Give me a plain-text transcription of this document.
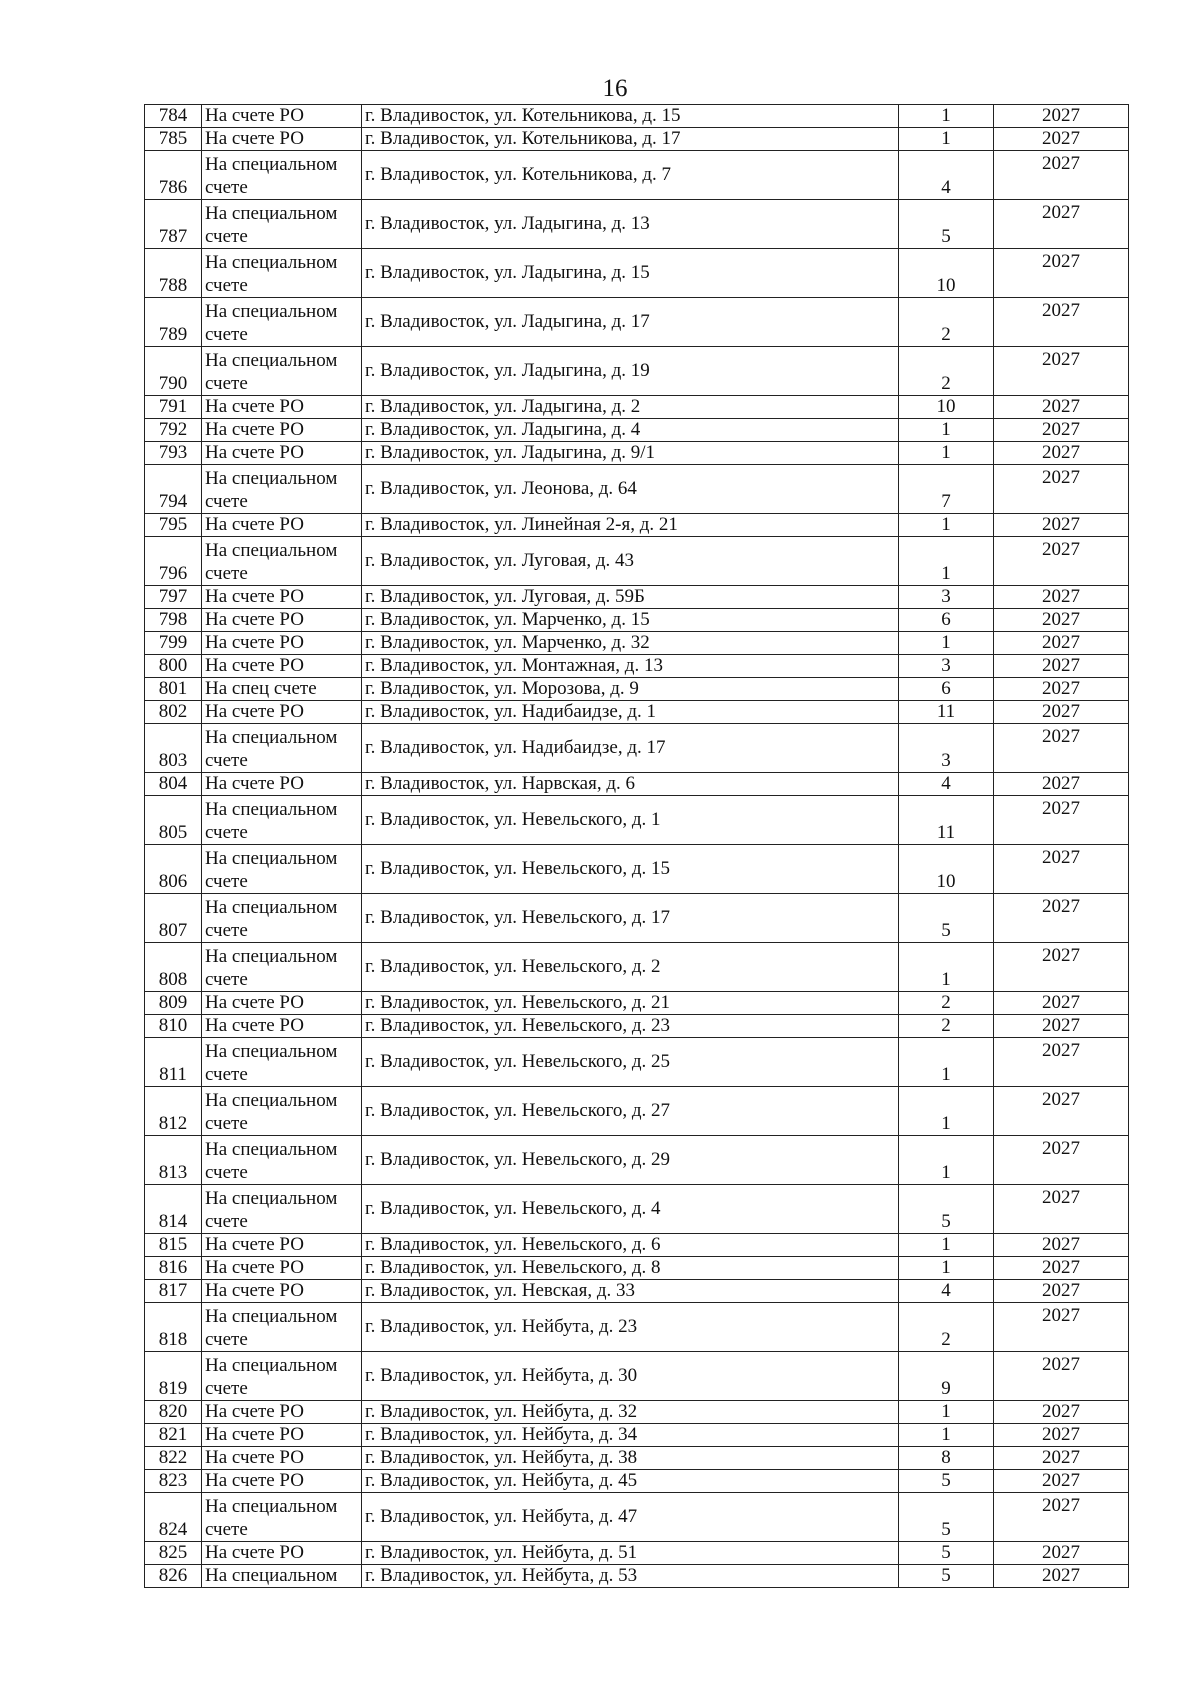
16
784	На счете РО	г. Владивосток, ул. Котельникова, д. 15	1	2027
785	На счете РО	г. Владивосток, ул. Котельникова, д. 17	1	2027
786	На специальном счете	г. Владивосток, ул. Котельникова, д. 7	4	2027
787	На специальном счете	г. Владивосток, ул. Ладыгина, д. 13	5	2027
788	На специальном счете	г. Владивосток, ул. Ладыгина, д. 15	10	2027
789	На специальном счете	г. Владивосток, ул. Ладыгина, д. 17	2	2027
790	На специальном счете	г. Владивосток, ул. Ладыгина, д. 19	2	2027
791	На счете РО	г. Владивосток, ул. Ладыгина, д. 2	10	2027
792	На счете РО	г. Владивосток, ул. Ладыгина, д. 4	1	2027
793	На счете РО	г. Владивосток, ул. Ладыгина, д. 9/1	1	2027
794	На специальном счете	г. Владивосток, ул. Леонова, д. 64	7	2027
795	На счете РО	г. Владивосток, ул. Линейная 2-я, д. 21	1	2027
796	На специальном счете	г. Владивосток, ул. Луговая, д. 43	1	2027
797	На счете РО	г. Владивосток, ул. Луговая, д. 59Б	3	2027
798	На счете РО	г. Владивосток, ул. Марченко, д. 15	6	2027
799	На счете РО	г. Владивосток, ул. Марченко, д. 32	1	2027
800	На счете РО	г. Владивосток, ул. Монтажная, д. 13	3	2027
801	На спец счете	г. Владивосток, ул. Морозова, д. 9	6	2027
802	На счете РО	г. Владивосток, ул. Надибаидзе, д. 1	11	2027
803	На специальном счете	г. Владивосток, ул. Надибаидзе, д. 17	3	2027
804	На счете РО	г. Владивосток, ул. Нарвская, д. 6	4	2027
805	На специальном счете	г. Владивосток, ул. Невельского, д. 1	11	2027
806	На специальном счете	г. Владивосток, ул. Невельского, д. 15	10	2027
807	На специальном счете	г. Владивосток, ул. Невельского, д. 17	5	2027
808	На специальном счете	г. Владивосток, ул. Невельского, д. 2	1	2027
809	На счете РО	г. Владивосток, ул. Невельского, д. 21	2	2027
810	На счете РО	г. Владивосток, ул. Невельского, д. 23	2	2027
811	На специальном счете	г. Владивосток, ул. Невельского, д. 25	1	2027
812	На специальном счете	г. Владивосток, ул. Невельского, д. 27	1	2027
813	На специальном счете	г. Владивосток, ул. Невельского, д. 29	1	2027
814	На специальном счете	г. Владивосток, ул. Невельского, д. 4	5	2027
815	На счете РО	г. Владивосток, ул. Невельского, д. 6	1	2027
816	На счете РО	г. Владивосток, ул. Невельского, д. 8	1	2027
817	На счете РО	г. Владивосток, ул. Невская, д. 33	4	2027
818	На специальном счете	г. Владивосток, ул. Нейбута, д. 23	2	2027
819	На специальном счете	г. Владивосток, ул. Нейбута, д. 30	9	2027
820	На счете РО	г. Владивосток, ул. Нейбута, д. 32	1	2027
821	На счете РО	г. Владивосток, ул. Нейбута, д. 34	1	2027
822	На счете РО	г. Владивосток, ул. Нейбута, д. 38	8	2027
823	На счете РО	г. Владивосток, ул. Нейбута, д. 45	5	2027
824	На специальном счете	г. Владивосток, ул. Нейбута, д. 47	5	2027
825	На счете РО	г. Владивосток, ул. Нейбута, д. 51	5	2027
826	На специальном	г. Владивосток, ул. Нейбута, д. 53	5	2027
